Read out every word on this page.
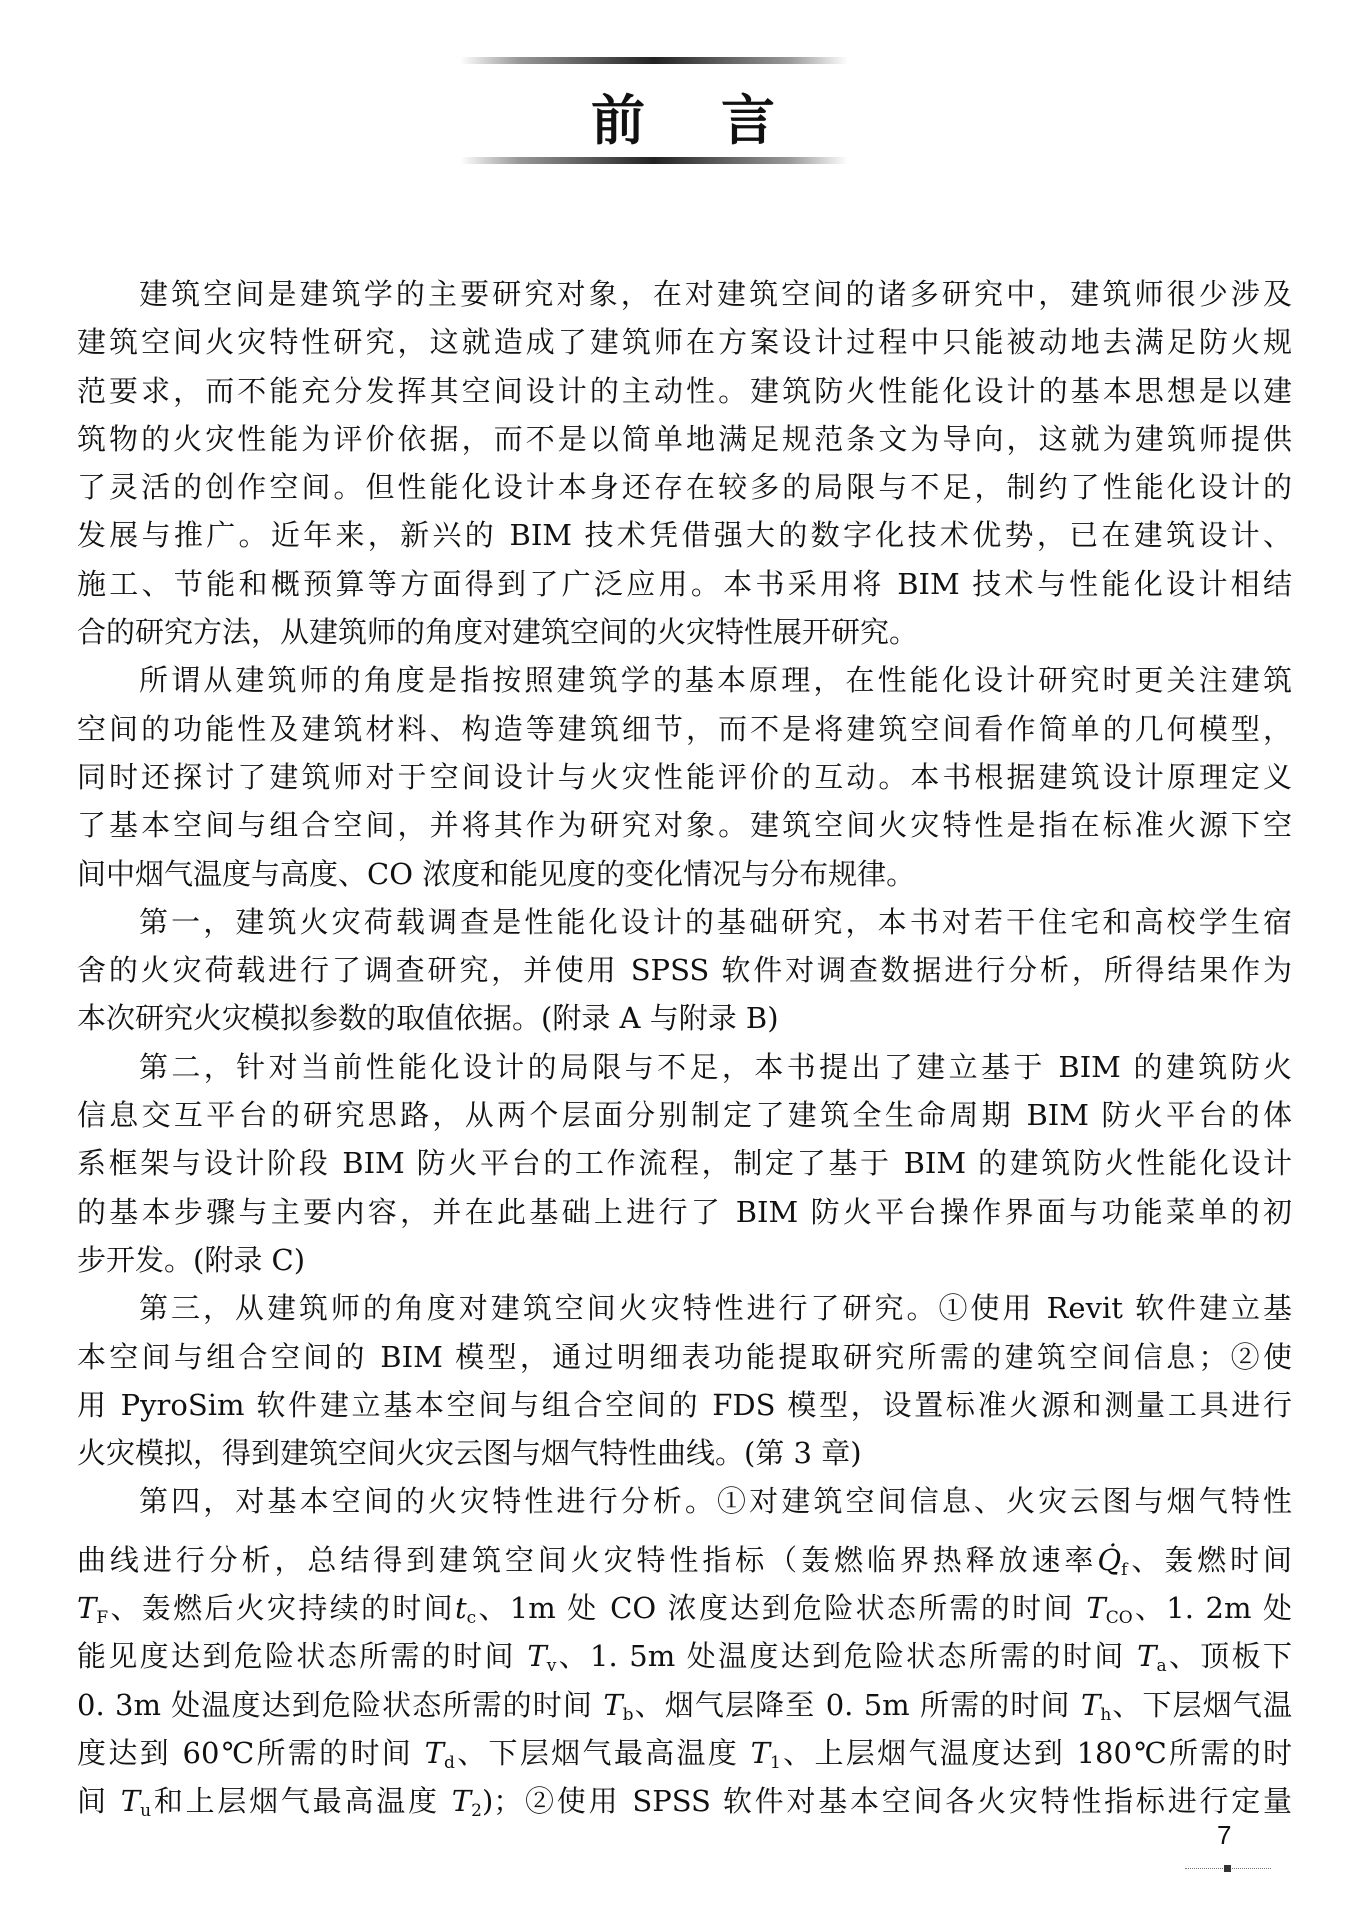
前 言
建筑空间是建筑学的主要研究对象，在对建筑空间的诸多研究中，建筑师很少涉及
建筑空间火灾特性研究，这就造成了建筑师在方案设计过程中只能被动地去满足防火规
范要求，而不能充分发挥其空间设计的主动性。建筑防火性能化设计的基本思想是以建
筑物的火灾性能为评价依据，而不是以简单地满足规范条文为导向，这就为建筑师提供
了灵活的创作空间。但性能化设计本身还存在较多的局限与不足，制约了性能化设计的
发展与推广。近年来，新兴的 BIM 技术凭借强大的数字化技术优势，已在建筑设计、
施工、节能和概预算等方面得到了广泛应用。本书采用将 BIM 技术与性能化设计相结
合的研究方法，从建筑师的角度对建筑空间的火灾特性展开研究。
所谓从建筑师的角度是指按照建筑学的基本原理，在性能化设计研究时更关注建筑
空间的功能性及建筑材料、构造等建筑细节，而不是将建筑空间看作简单的几何模型，
同时还探讨了建筑师对于空间设计与火灾性能评价的互动。本书根据建筑设计原理定义
了基本空间与组合空间，并将其作为研究对象。建筑空间火灾特性是指在标准火源下空
间中烟气温度与高度、CO 浓度和能见度的变化情况与分布规律。
第一，建筑火灾荷载调查是性能化设计的基础研究，本书对若干住宅和高校学生宿
舍的火灾荷载进行了调查研究，并使用 SPSS 软件对调查数据进行分析，所得结果作为
本次研究火灾模拟参数的取值依据。(附录 A 与附录 B)
第二，针对当前性能化设计的局限与不足，本书提出了建立基于 BIM 的建筑防火
信息交互平台的研究思路，从两个层面分别制定了建筑全生命周期 BIM 防火平台的体
系框架与设计阶段 BIM 防火平台的工作流程，制定了基于 BIM 的建筑防火性能化设计
的基本步骤与主要内容，并在此基础上进行了 BIM 防火平台操作界面与功能菜单的初
步开发。(附录 C)
第三，从建筑师的角度对建筑空间火灾特性进行了研究。①使用 Revit 软件建立基
本空间与组合空间的 BIM 模型，通过明细表功能提取研究所需的建筑空间信息；②使
用 PyroSim 软件建立基本空间与组合空间的 FDS 模型，设置标准火源和测量工具进行
火灾模拟，得到建筑空间火灾云图与烟气特性曲线。(第 3 章)
第四，对基本空间的火灾特性进行分析。①对建筑空间信息、火灾云图与烟气特性
曲线进行分析，总结得到建筑空间火灾特性指标（轰燃临界热释放速率$Q̇_f$、轰燃时间
$T_F$、轰燃后火灾持续的时间$t_c$、1m 处 CO 浓度达到危险状态所需的时间 $T_{CO}$、1. 2m 处
能见度达到危险状态所需的时间 $T_v$、1. 5m 处温度达到危险状态所需的时间 $T_a$、顶板下
0. 3m 处温度达到危险状态所需的时间 $T_b$、烟气层降至 0. 5m 所需的时间 $T_h$、下层烟气温
度达到 60℃所需的时间 $T_d$、下层烟气最高温度 $T_1$、上层烟气温度达到 180℃所需的时
间 $T_u$和上层烟气最高温度 $T_2$)；②使用 SPSS 软件对基本空间各火灾特性指标进行定量
7
